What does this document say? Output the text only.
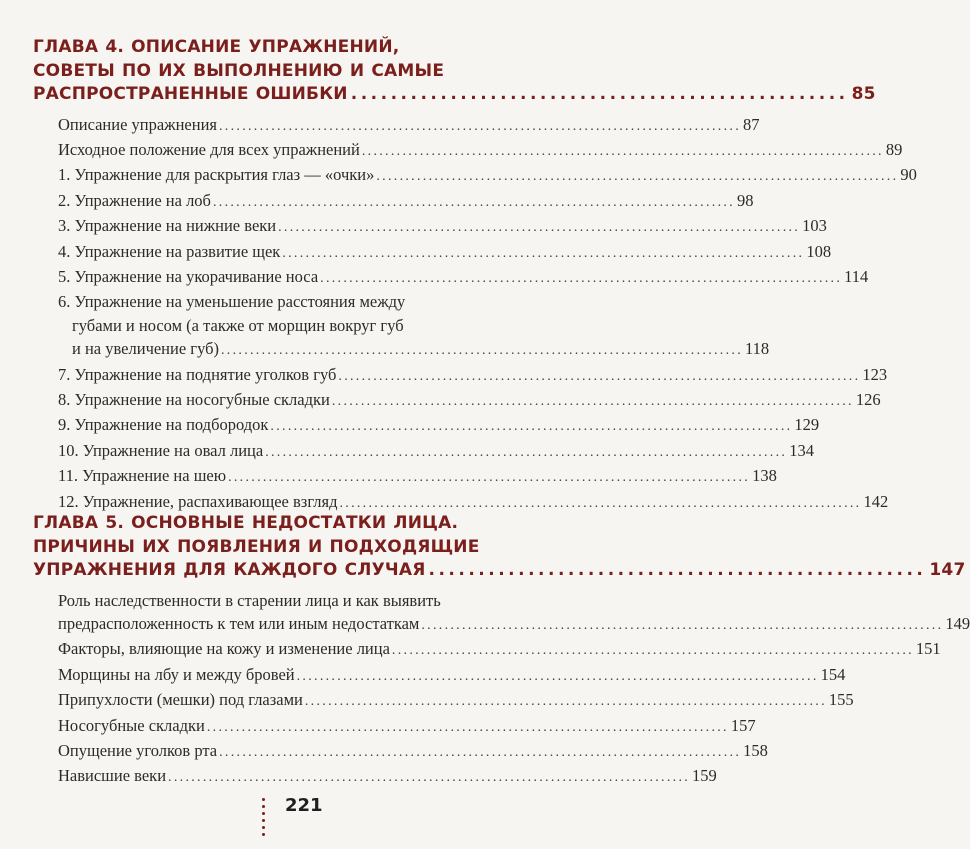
ГЛАВА 4. ОПИСАНИЕ УПРАЖНЕНИЙ,
СОВЕТЫ ПО ИХ ВЫПОЛНЕНИЮ И САМЫЕ
РАСПРОСТРАНЕННЫЕ ОШИБКИ .................................................. 85
Описание упражнения .......................................................................................... 87
Исходное положение для всех упражнений .......................................................................................... 89
1. Упражнение для раскрытия глаз — «очки» .......................................................................................... 90
2. Упражнение на лоб .......................................................................................... 98
3. Упражнение на нижние веки .......................................................................................... 103
4. Упражнение на развитие щек .......................................................................................... 108
5. Упражнение на укорачивание носа .......................................................................................... 114
6. Упражнение на уменьшение расстояния между
губами и носом (а также от морщин вокруг губ
и на увеличение губ) .......................................................................................... 118
7. Упражнение на поднятие уголков губ .......................................................................................... 123
8. Упражнение на носогубные складки .......................................................................................... 126
9. Упражнение на подбородок .......................................................................................... 129
10. Упражнение на овал лица .......................................................................................... 134
11. Упражнение на шею .......................................................................................... 138
12. Упражнение, распахивающее взгляд .......................................................................................... 142
ГЛАВА 5. ОСНОВНЫЕ НЕДОСТАТКИ ЛИЦА.
ПРИЧИНЫ ИХ ПОЯВЛЕНИЯ И ПОДХОДЯЩИЕ
УПРАЖНЕНИЯ ДЛЯ КАЖДОГО СЛУЧАЯ .................................................. 147
Роль наследственности в старении лица и как выявить
предрасположенность к тем или иным недостаткам .......................................................................................... 149
Факторы, влияющие на кожу и изменение лица .......................................................................................... 151
Морщины на лбу и между бровей .......................................................................................... 154
Припухлости (мешки) под глазами .......................................................................................... 155
Носогубные складки .......................................................................................... 157
Опущение уголков рта .......................................................................................... 158
Нависшие веки .......................................................................................... 159
221
